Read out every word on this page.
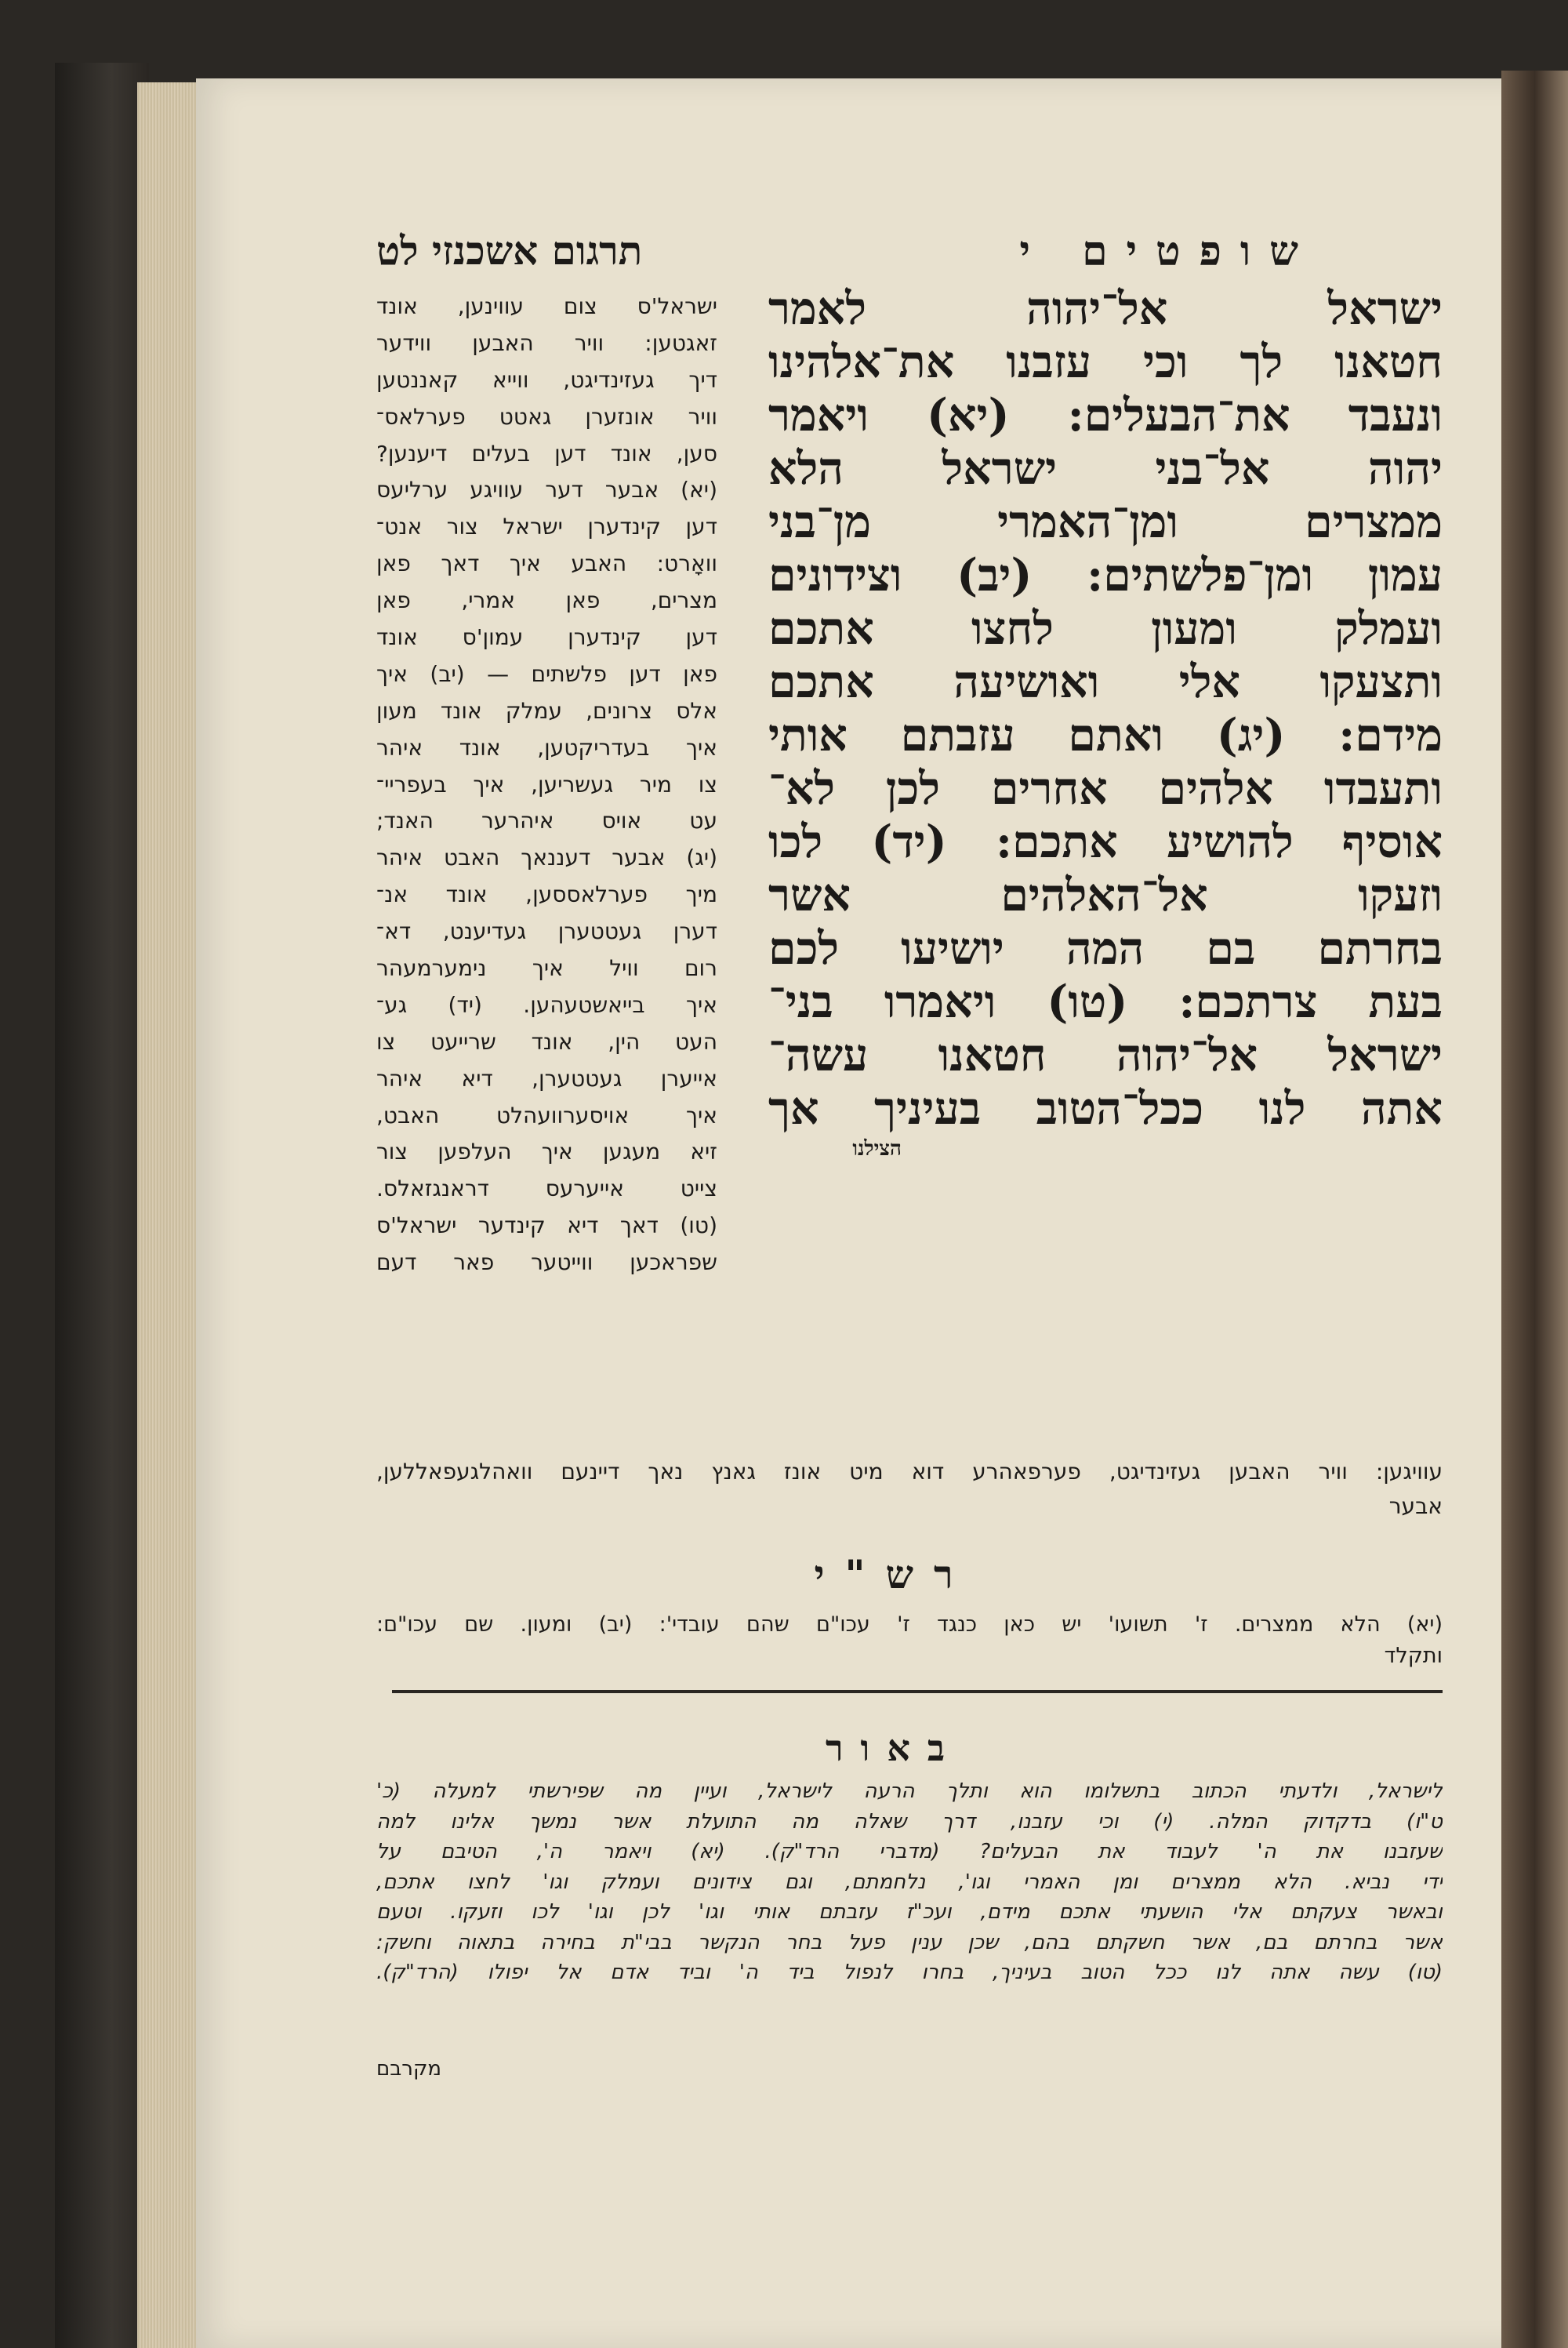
תרגום אשכנזי לט	שופטים י
ישראל אל־יהוה לאמר
חטאנו לך וכי עזבנו את־אלהינו
ונעבד את־הבעלים: (יא) ויאמר
יהוה אל־בני ישראל הלא
ממצרים ומן־האמרי מן־בני
עמון ומן־פלשתים: (יב) וצידונים
ועמלק ומעון לחצו אתכם
ותצעקו אלי ואושיעה אתכם
מידם: (יג) ואתם עזבתם אותי
ותעבדו אלהים אחרים לכן לא־
אוסיף להושיע אתכם: (יד) לכו
וזעקו אל־האלהים אשר
בחרתם בם המה יושיעו לכם
בעת צרתכם: (טו) ויאמרו בני־
ישראל אל־יהוה חטאנו עשה־
אתה לנו ככל־הטוב בעיניך אך
הצילנו
ישראל'ס צום עווינען, אונד
זאגטען: וויר האבען ווידער
דיך געזינדיגט, ווייא קאננטען
וויר אונזערן גאטט פערלאס־
סען, אונד דען בעלים דיענען?
(יא) אבער דער עוויגע ערליעס
דען קינדערן ישראל צור אנט־
וואָרט: האבע איך דאך פאן
מצרים, פאן אמרי, פאן
דען קינדערן עמון'ס אונד
פאן דען פלשתים — (יב) איך
אלס צרונים, עמלק אונד מעון
איך בעדריקטען, אונד איהר
צו מיר געשריען, איך בעפריי־
עט אויס איהרער האנד;
(יג) אבער דעננאך האבט איהר
מיך פערלאססען, אונד אנ־
דערן געטטערן געדיענט, דא־
רום וויל איך נימערמעהר
איך בייאשטעהען. (יד) גע־
העט הין, אונד שרייעט צו
אייערן געטטערן, דיא איהר
איך אויסערוועהלט האבט,
זיא מעגען איך העלפען צור
צייט אייערעס דראנגזאלס.
(טו) דאך דיא קינדער ישראל'ס
שפראכען ווייטער פאר דעם
עוויגען: וויר האבען געזינדיגט, פערפאהרע דוא מיט אונז גאנץ נאך דיינעם וואהלגעפאללען,
אבער
רש"י
(יא) הלא ממצרים. ז' תשועו' יש כאן כנגד ז' עכו"ם שהם עובדי': (יב) ומעון. שם עכו"ם:
ותקלד
באור
לישראל, ולדעתי הכתוב בתשלומו הוא ותלך הרעה לישראל, ועיין מה שפירשתי למעלה (כ'
ט"ו) בדקדוק המלה. (י) וכי עזבנו, דרך שאלה מה התועלת אשר נמשך אלינו למה
שעזבנו את ה' לעבוד את הבעלים? (מדברי הרד"ק). (יא) ויאמר ה', הטיבם על
ידי נביא. הלא ממצרים ומן האמרי וגו', נלחמתם, וגם צידונים ועמלק וגו' לחצו אתכם,
ובאשר צעקתם אלי הושעתי אתכם מידם, ועכ"ז עזבתם אותי וגו' לכן וגו' לכו וזעקו. וטעם
אשר בחרתם בם, אשר חשקתם בהם, שכן ענין פעל בחר הנקשר בבי"ת בחירה בתאוה וחשק:
(טו) עשה אתה לנו ככל הטוב בעיניך, בחרו לנפול ביד ה' וביד אדם אל יפולו (הרד"ק).
מקרבם
